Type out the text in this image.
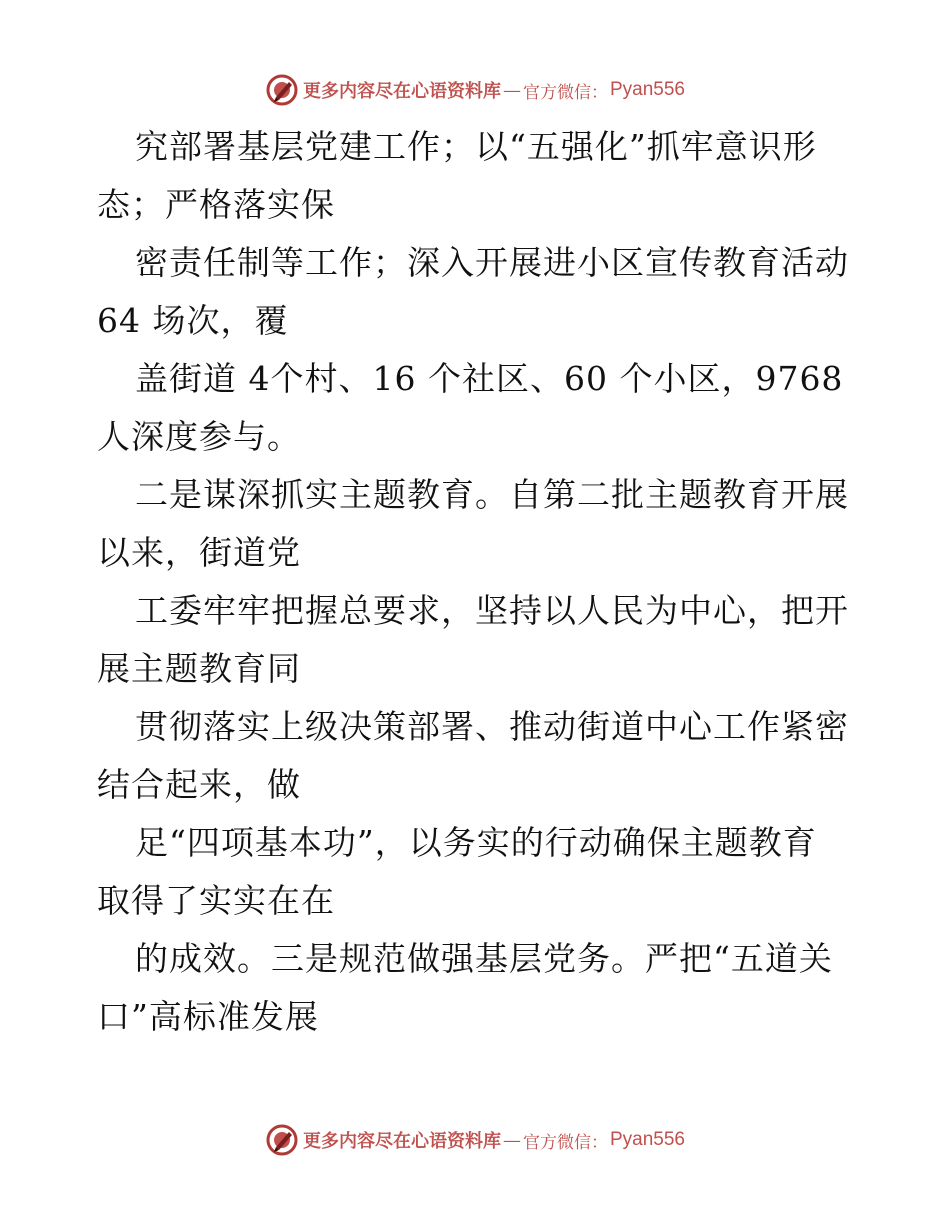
更多内容尽在心语资料库 — 官方微信： Pyan556
究部署基层党建工作；以“五强化”抓牢意识形
态；严格落实保
密责任制等工作；深入开展进小区宣传教育活动
64 场次，覆
盖街道 4个村、16 个社区、60 个小区，9768
人深度参与。
二是谋深抓实主题教育。自第二批主题教育开展
以来，街道党
工委牢牢把握总要求，坚持以人民为中心，把开
展主题教育同
贯彻落实上级决策部署、推动街道中心工作紧密
结合起来，做
足“四项基本功”，以务实的行动确保主题教育
取得了实实在在
的成效。三是规范做强基层党务。严把“五道关
口”高标准发展
更多内容尽在心语资料库 — 官方微信： Pyan556
